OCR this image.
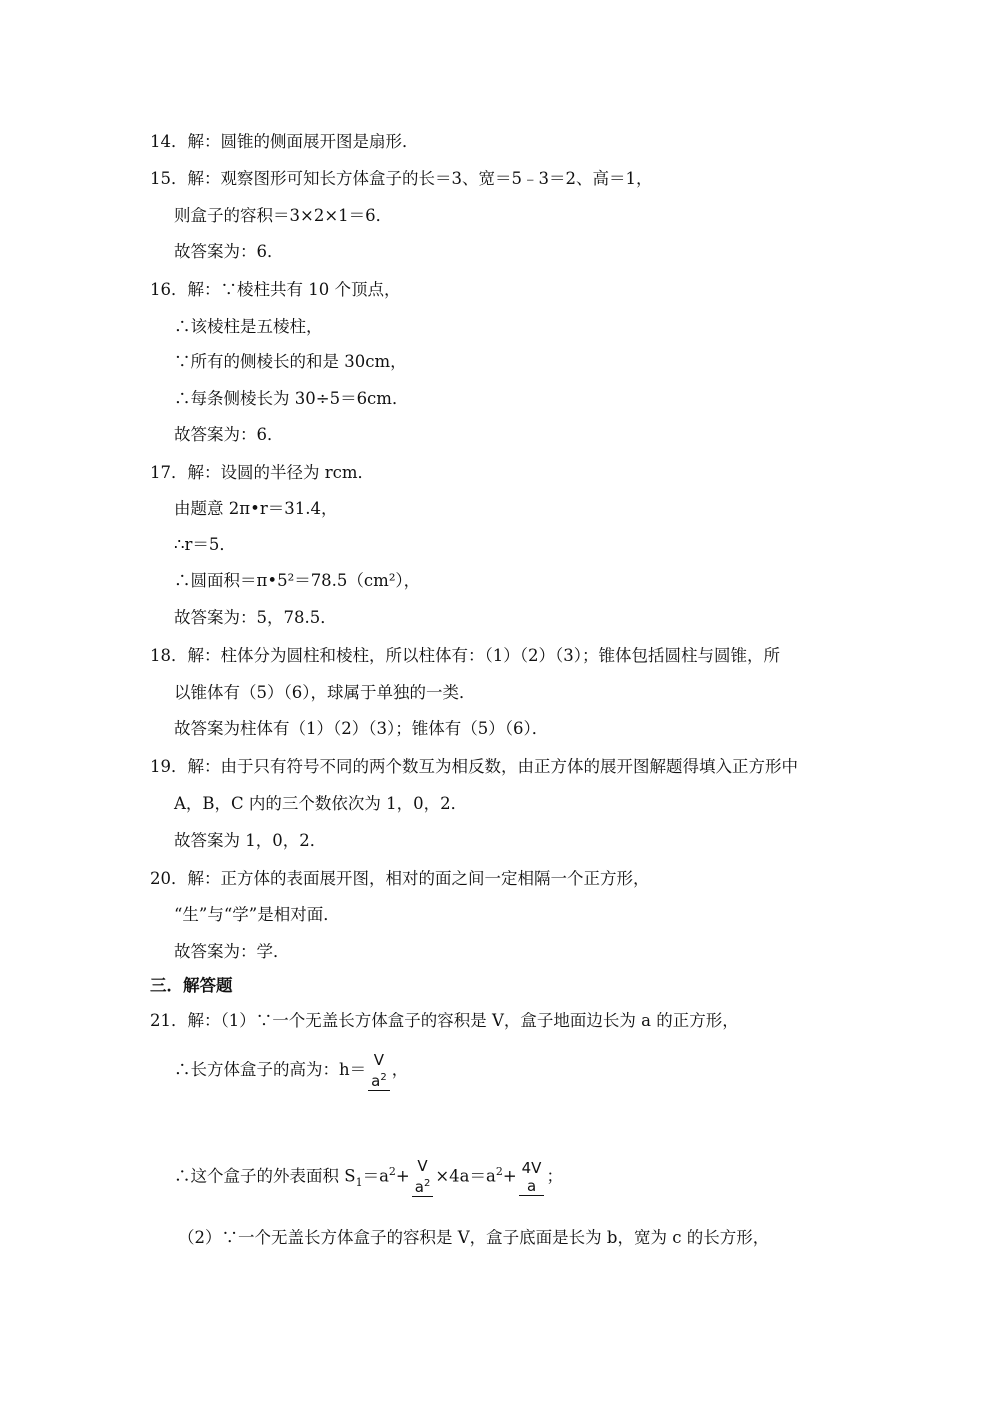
14．解：圆锥的侧面展开图是扇形．
15．解：观察图形可知长方体盒子的长＝3、宽＝5﹣3＝2、高＝1，
则盒子的容积＝3×2×1＝6．
故答案为：6．
16．解：∵棱柱共有 10 个顶点，
∴该棱柱是五棱柱，
∵所有的侧棱长的和是 30cm，
∴每条侧棱长为 30÷5＝6cm．
故答案为：6．
17．解：设圆的半径为 rcm．
由题意 2π•r＝31.4，
∴r＝5．
∴圆面积＝π•5²＝78.5（cm²），
故答案为：5，78.5．
18．解：柱体分为圆柱和棱柱，所以柱体有：（1）（2）（3）；锥体包括圆柱与圆锥，所
以锥体有（5）（6），球属于单独的一类．
故答案为柱体有（1）（2）（3）；锥体有（5）（6）．
19．解：由于只有符号不同的两个数互为相反数，由正方体的展开图解题得填入正方形中
A，B，C 内的三个数依次为 1，0，2．
故答案为 1，0，2．
20．解：正方体的表面展开图，相对的面之间一定相隔一个正方形，
“生”与“学”是相对面．
故答案为：学．
三．解答题
21．解：（1）∵一个无盖长方体盒子的容积是 V，盒子地面边长为 a 的正方形，
∴长方体盒子的高为：h＝
V
$a^2$ ，
∴这个盒子的外表面积 $S_1=a^2+$
V
$a^2 \times 4a=a^2+ 4V$
a ；
（2）∵一个无盖长方体盒子的容积是 V，盒子底面是长为 b，宽为 c 的长方形，
